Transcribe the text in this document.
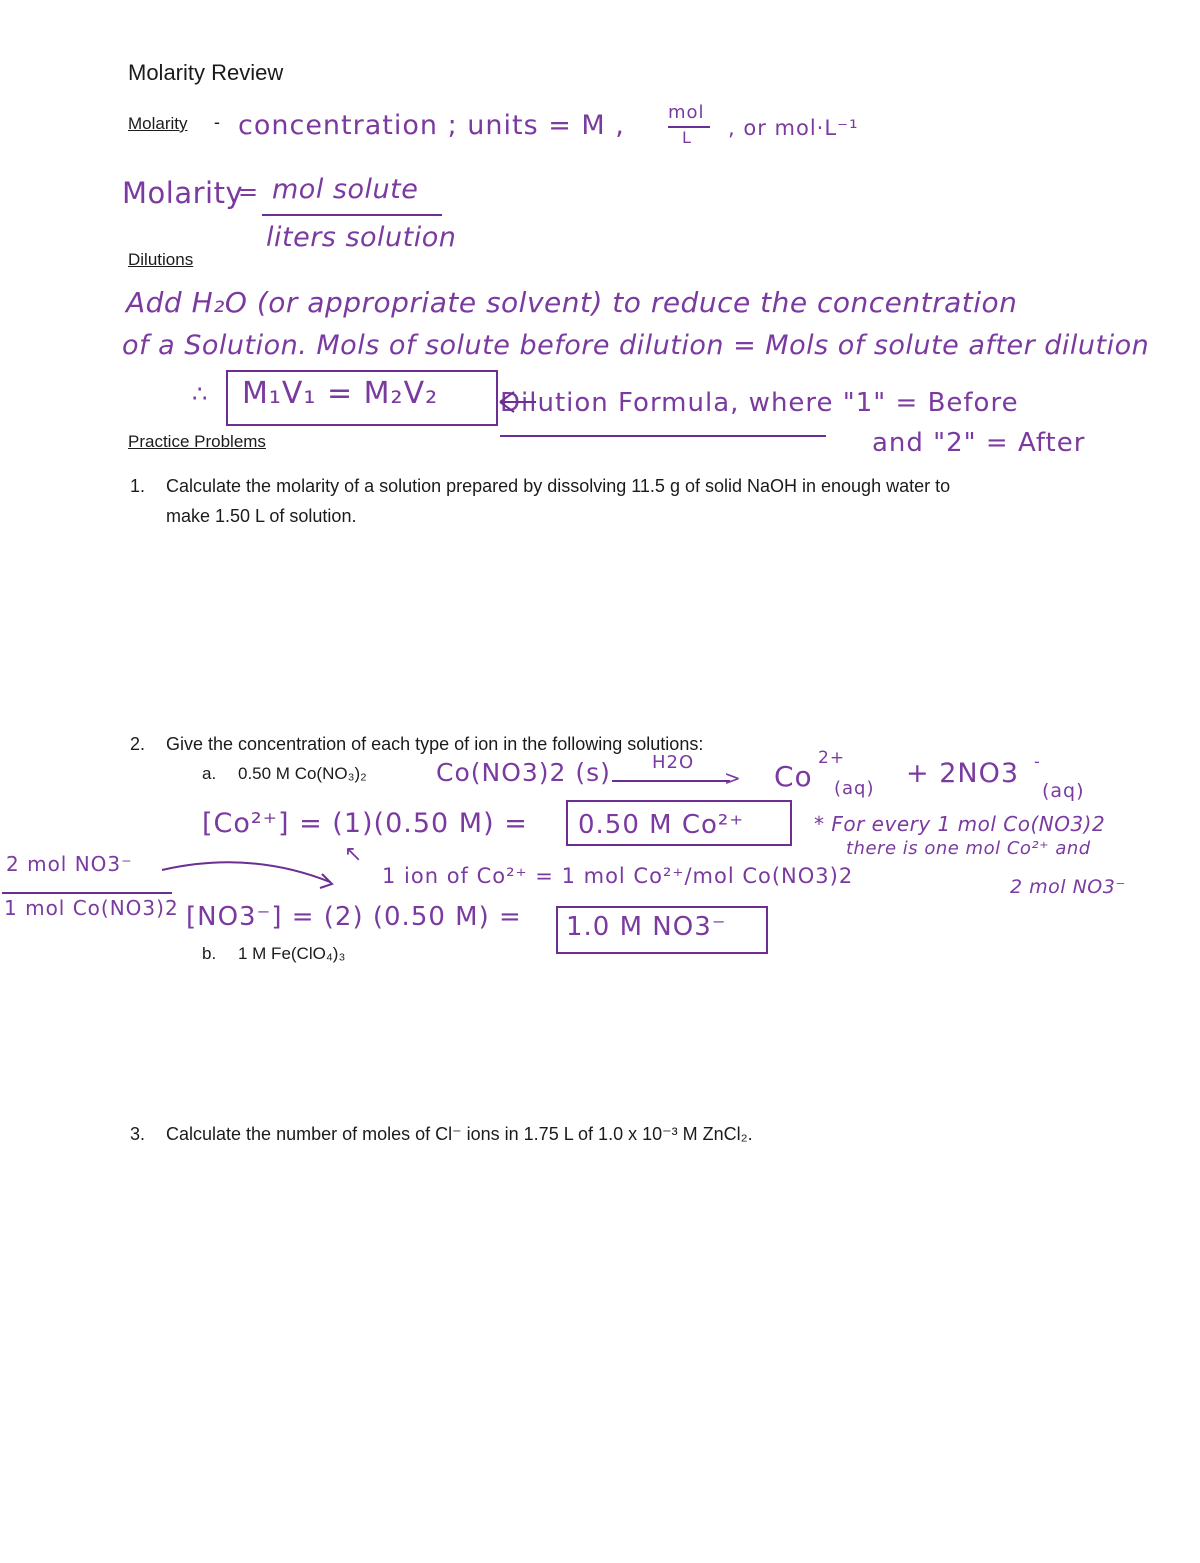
Molarity Review
Molarity - concentration ; units = M , mol
L , or mol·L⁻¹
Molarity
= mol solute
liters solution
Dilutions
Add H₂O (or appropriate solvent) to reduce the concentration
of a Solution. Mols of solute before dilution = Mols of solute after dilution
∴ M₁V₁ = M₂V₂ Dilution Formula, where "1" = Before
and "2" = After
Practice Problems
1. Calculate the molarity of a solution prepared by dissolving 11.5 g of solid NaOH in enough water to
make 1.50 L of solution.
2. Give the concentration of each type of ion in the following solutions:
a. 0.50 M Co(NO₃)₂	Co(NO3)2 (s) H2O
> Co
2+
(aq) + 2NO3 -
(aq)
[Co²⁺] = (1)(0.50 M) = 0.50 M Co²⁺	* For every 1 mol Co(NO3)2
there is one mol Co²⁺ and
2 mol NO3⁻
2 mol NO3⁻
1 mol Co(NO3)2
↖
1 ion of Co²⁺ = 1 mol Co²⁺/mol Co(NO3)2
[NO3⁻] = (2) (0.50 M) = 1.0 M NO3⁻
b. 1 M Fe(ClO₄)₃
3. Calculate the number of moles of Cl⁻ ions in 1.75 L of 1.0 x 10⁻³ M ZnCl₂.
